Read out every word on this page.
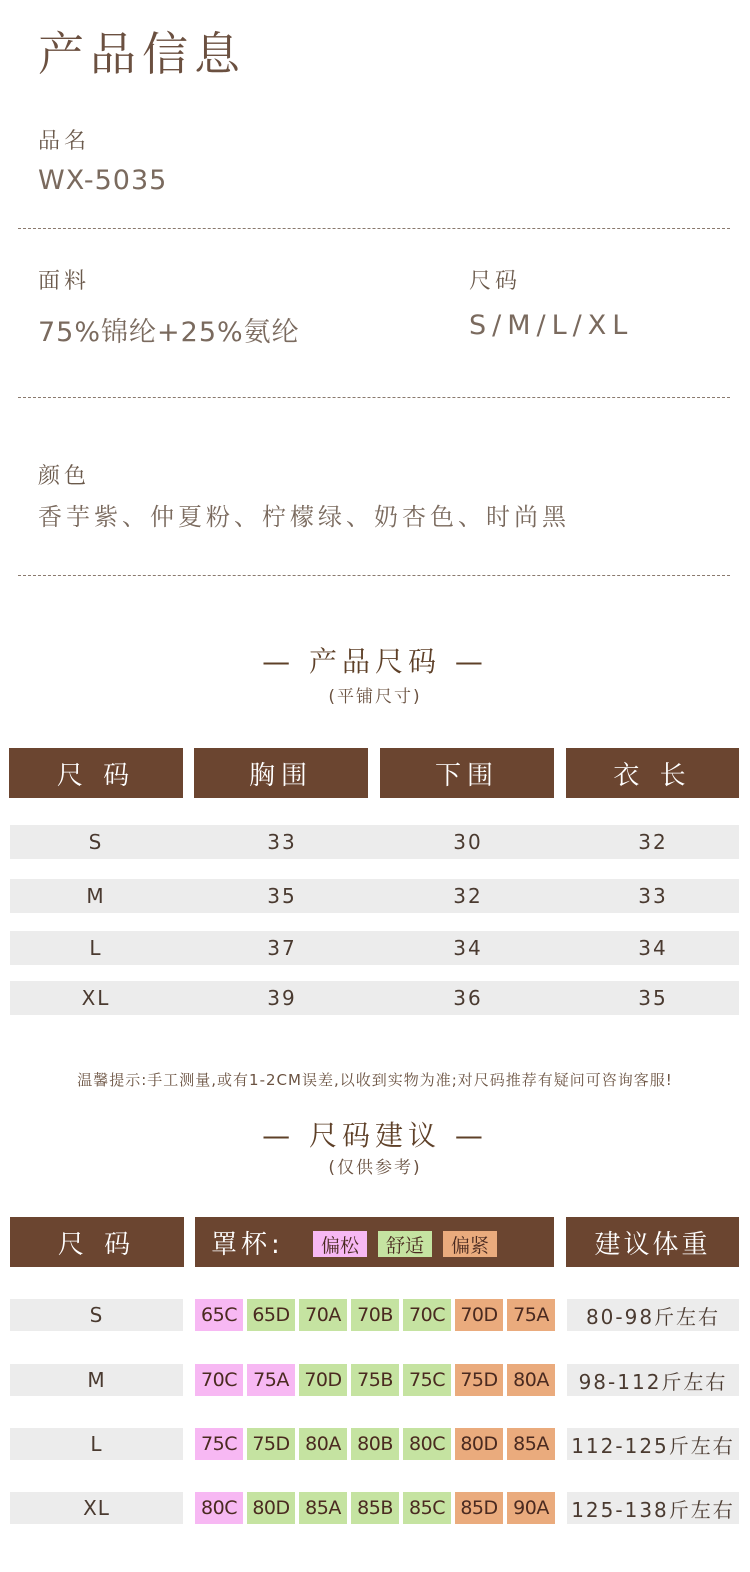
产品信息
品名
WX-5035
面料
75%锦纶+25%氨纶
尺码
S/M/L/XL
颜色
香芋紫、仲夏粉、柠檬绿、奶杏色、时尚黑
— 产品尺码 —
(平铺尺寸)
尺 码	胸围	下围	衣 长
S	33	30	32
M	35	32	33
L	37	34	34
XL	39	36	35
温馨提示:手工测量,或有1-2CM误差,以收到实物为准;对尺码推荐有疑问可咨询客服!
— 尺码建议 —
(仅供参考)
尺 码	罩杯:	偏松	舒适	偏紧	建议体重
S	65C 65D 70A 70B 70C 70D 75A	80-98斤左右
M	70C 75A 70D 75B 75C 75D 80A	98-112斤左右
L	75C 75D 80A 80B 80C 80D 85A	112-125斤左右
XL	80C 80D 85A 85B 85C 85D 90A	125-138斤左右
